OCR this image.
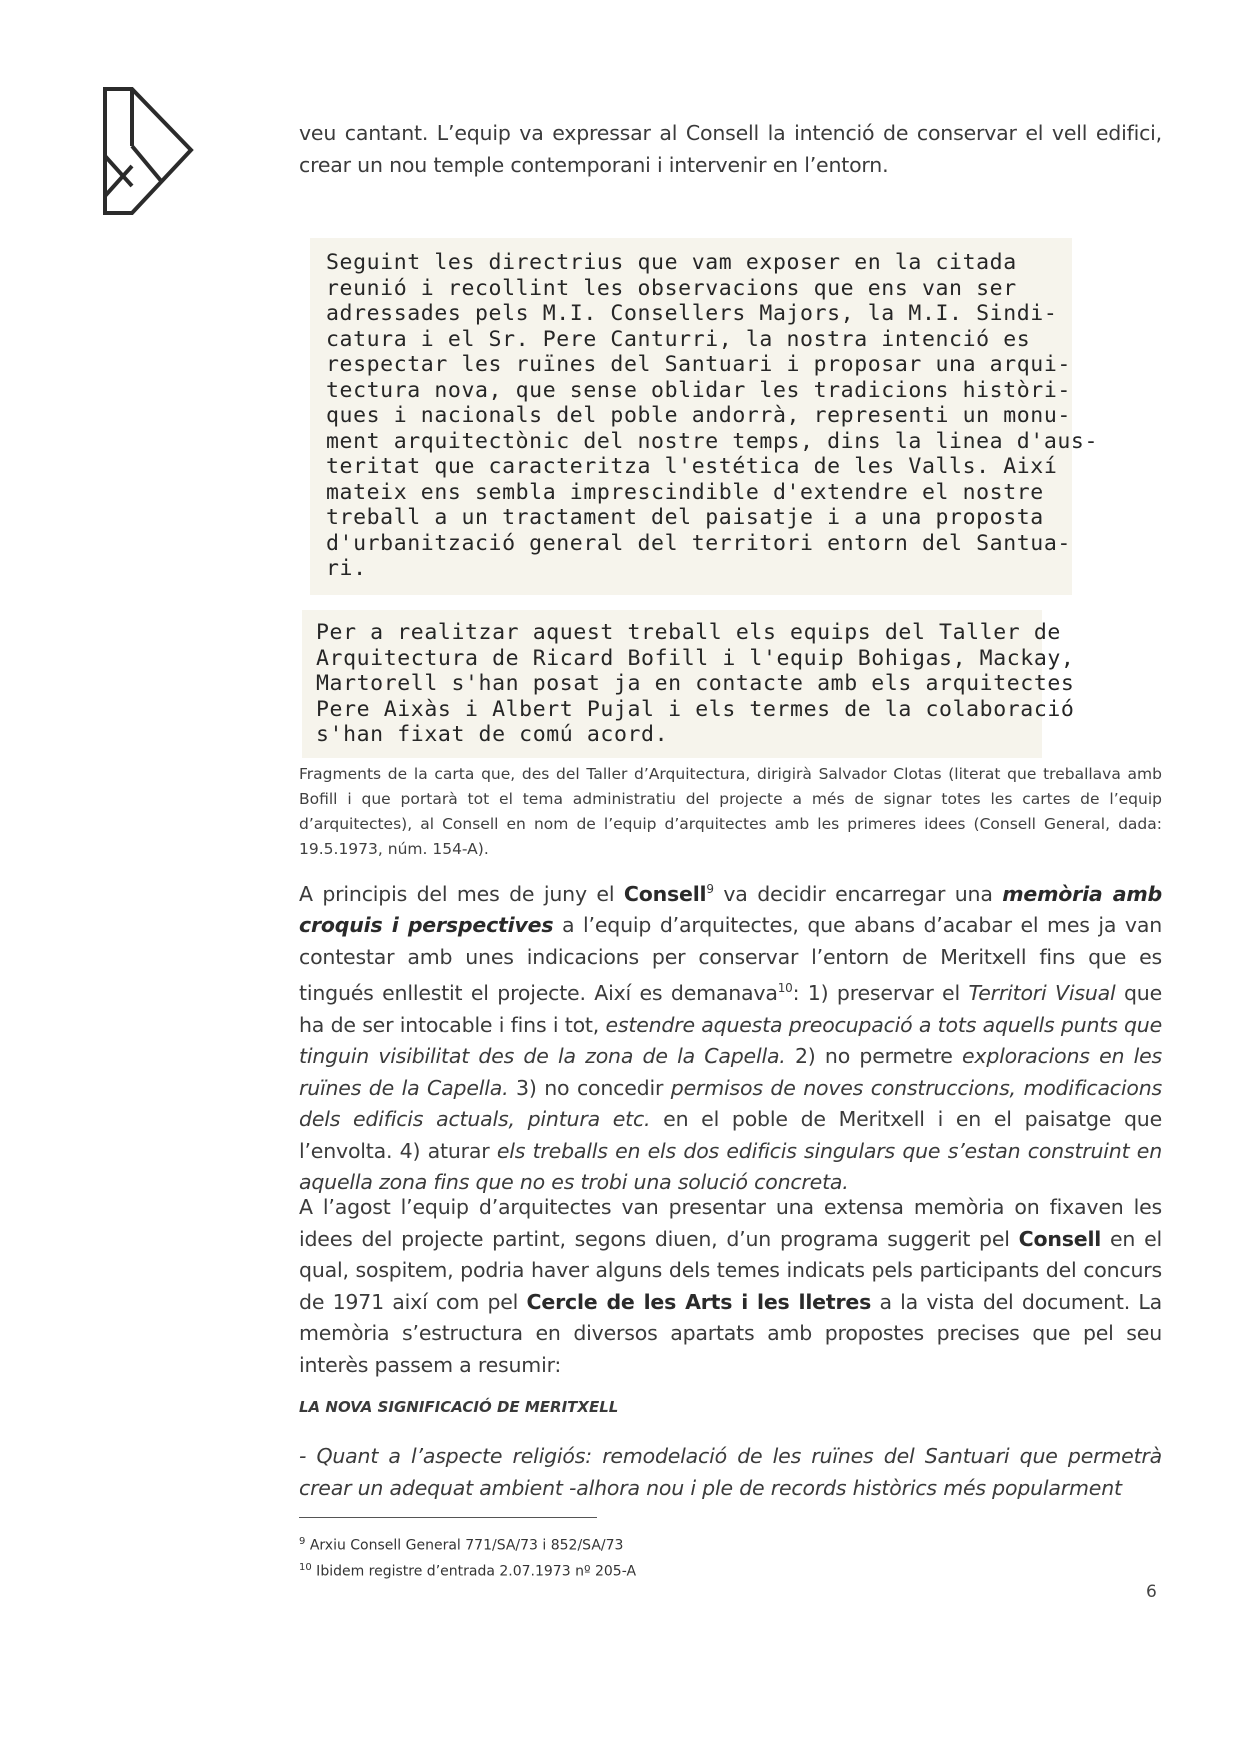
veu cantant. L’equip va expressar al Consell la intenció de conservar el vell edifici, crear un nou temple contemporani i intervenir en l’entorn.

Seguint les directrius que vam exposer en la citada
reunió i recollint les observacions que ens van ser
adressades pels M.I. Consellers Majors, la M.I. Sindi-
catura i el Sr. Pere Canturri, la nostra intenció es
respectar les ruïnes del Santuari i proposar una arqui-
tectura nova, que sense oblidar les tradicions històri-
ques i nacionals del poble andorrà, representi un monu-
ment arquitectònic del nostre temps, dins la linea d'aus-
teritat que caracteritza l'estética de les Valls. Així
mateix ens sembla imprescindible d'extendre el nostre
treball a un tractament del paisatje i a una proposta
d'urbanització general del territori entorn del Santua-
ri.
Per a realitzar aquest treball els equips del Taller de
Arquitectura de Ricard Bofill i l'equip Bohigas, Mackay,
Martorell s'han posat ja en contacte amb els arquitectes
Pere Aixàs i Albert Pujal i els termes de la colaboració
s'han fixat de comú acord.
Fragments de la carta que, des del Taller d’Arquitectura, dirigirà Salvador Clotas (literat que treballava amb Bofill i que portarà tot el tema administratiu del projecte a més de signar totes les cartes de l’equip d’arquitectes), al Consell en nom de l’equip d’arquitectes amb les primeres idees (Consell General, dada: 19.5.1973, núm. 154-A).

A principis del mes de juny el Consell$^9$ va decidir encarregar una memòria amb croquis i perspectives a l’equip d’arquitectes, que abans d’acabar el mes ja van contestar amb unes indicacions per conservar l’entorn de Meritxell fins que es tingués enllestit el projecte. Així es demanava$^{10}$: 1) preservar el Territori Visual que ha de ser intocable i fins i tot, estendre aquesta preocupació a tots aquells punts que tinguin visibilitat des de la zona de la Capella. 2) no permetre exploracions en les ruïnes de la Capella. 3) no concedir permisos de noves construccions, modificacions dels edificis actuals, pintura etc. en el poble de Meritxell i en el paisatge que l’envolta. 4) aturar els treballs en els dos edificis singulars que s’estan construint en aquella zona fins que no es trobi una solució concreta.

A l’agost l’equip d’arquitectes van presentar una extensa memòria on fixaven les idees del projecte partint, segons diuen, d’un programa suggerit pel Consell en el qual, sospitem, podria haver alguns dels temes indicats pels participants del concurs de 1971 així com pel Cercle de les Arts i les lletres a la vista del document. La memòria s’estructura en diversos apartats amb propostes precises que pel seu interès passem a resumir:

LA NOVA SIGNIFICACIÓ DE MERITXELL

- Quant a l’aspecte religiós: remodelació de les ruïnes del Santuari que permetrà crear un adequat ambient -alhora nou i ple de records històrics més popularment

$^9$ Arxiu Consell General 771/SA/73 i 852/SA/73
$^{10}$ Ibidem registre d’entrada 2.07.1973 nº 205-A
6
